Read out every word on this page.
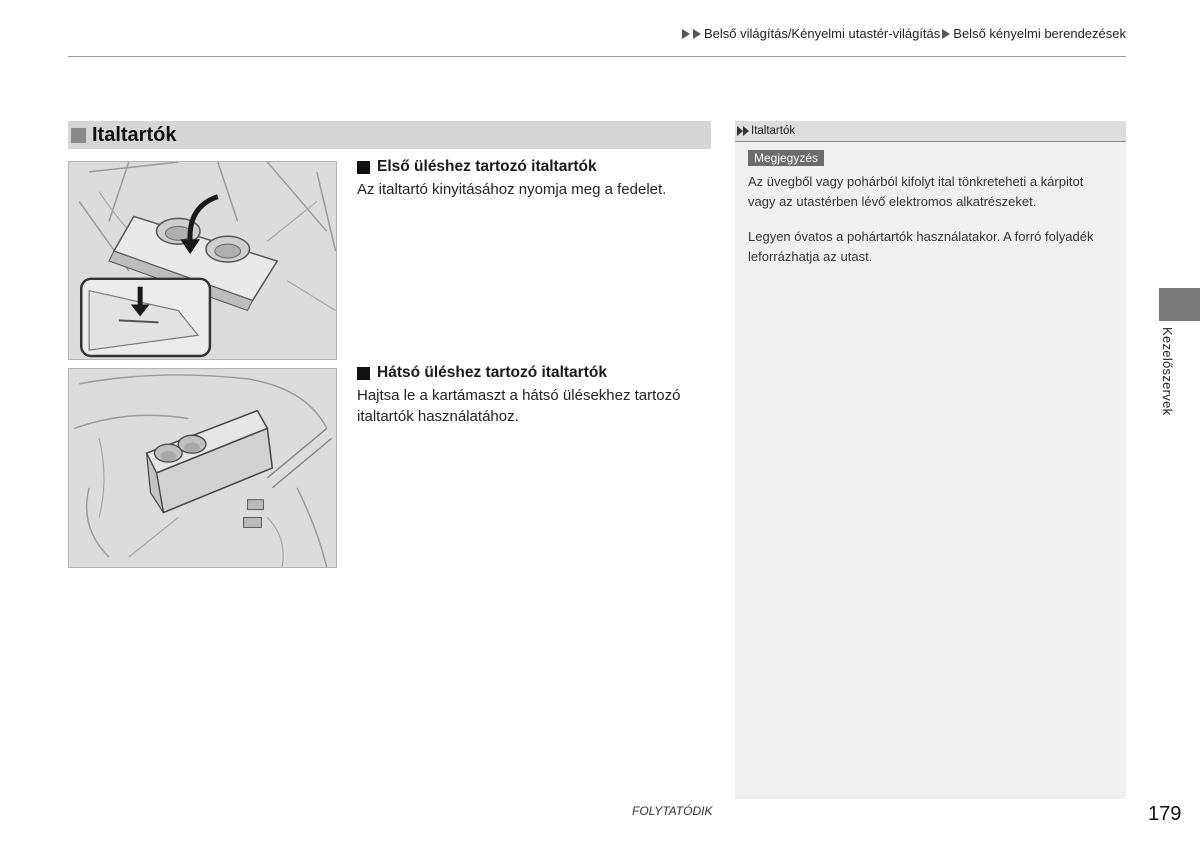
Belső világítás/Kényelmi utastér-világítás Belső kényelmi berendezések
Italtartók
Első üléshez tartozó italtartók

Az italtartó kinyitásához nyomja meg a fedelet.

Hátsó üléshez tartozó italtartók

Hajtsa le a kartámaszt a hátsó ülésekhez tartozó italtartók használatához.

Italtartók
Megjegyzés

Az üvegből vagy pohárból kifolyt ital tönkreteheti a kárpitot vagy az utastérben lévő elektromos alkatrészeket.

Legyen óvatos a pohártartók használatakor. A forró folyadék leforrázhatja az utast.

Kezelőszervek
FOLYTATÓDIK	179
